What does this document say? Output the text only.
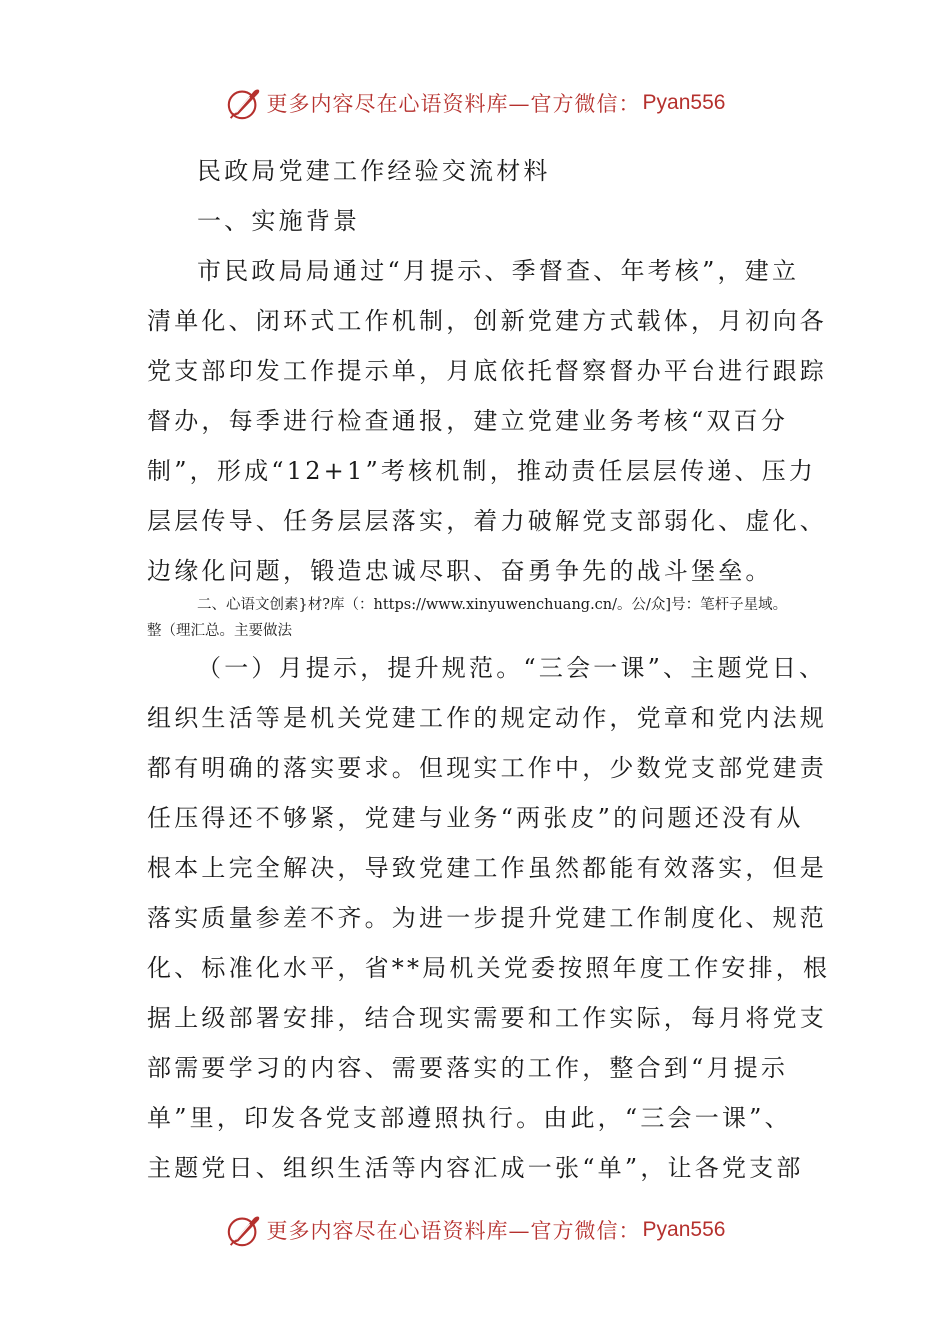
更多内容尽在心语资料库—官方微信： Pyan556
民政局党建工作经验交流材料
一、实施背景
市民政局局通过“月提示、季督查、年考核”，建立
清单化、闭环式工作机制，创新党建方式载体，月初向各
党支部印发工作提示单，月底依托督察督办平台进行跟踪
督办，每季进行检查通报，建立党建业务考核“双百分
制”，形成“12+1”考核机制，推动责任层层传递、压力
层层传导、任务层层落实，着力破解党支部弱化、虚化、
边缘化问题，锻造忠诚尽职、奋勇争先的战斗堡垒。
二、心语文创素}材?库（：https://www.xinyuwenchuang.cn/。公/众]号：笔杆子星域。
整（理汇总。主要做法
（一）月提示，提升规范。“三会一课”、主题党日、
组织生活等是机关党建工作的规定动作，党章和党内法规
都有明确的落实要求。但现实工作中，少数党支部党建责
任压得还不够紧，党建与业务“两张皮”的问题还没有从
根本上完全解决，导致党建工作虽然都能有效落实，但是
落实质量参差不齐。为进一步提升党建工作制度化、规范
化、标准化水平，省**局机关党委按照年度工作安排，根
据上级部署安排，结合现实需要和工作实际，每月将党支
部需要学习的内容、需要落实的工作，整合到“月提示
单”里，印发各党支部遵照执行。由此，“三会一课”、
主题党日、组织生活等内容汇成一张“单”，让各党支部
更多内容尽在心语资料库—官方微信： Pyan556
